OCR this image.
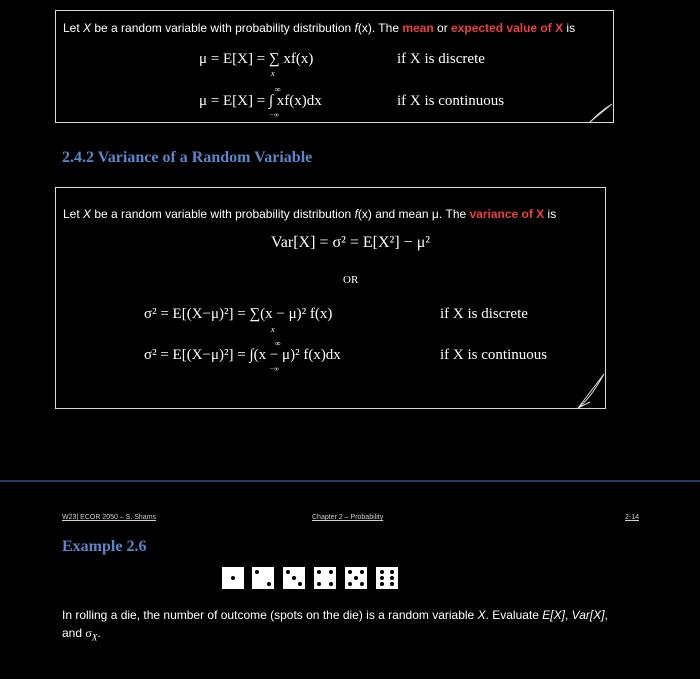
Let X be a random variable with probability distribution f(x). The mean or expected value of X is
μ = E[X] = ∑ xf(x)
x
if X is discrete
∞
μ = E[X] = ∫ xf(x)dx
−∞
if X is continuous
2.4.2 Variance of a Random Variable
Let X be a random variable with probability distribution f(x) and mean μ. The variance of X is
Var[X] = σ² = E[X²] − μ²
OR
σ² = E[(X−μ)²] = ∑(x − μ)² f(x)
x
if X is discrete
∞
σ² = E[(X−μ)²] = ∫(x − μ)² f(x)dx
−∞
if X is continuous
W23| ECOR 2050 – S. Shams	Chapter 2 – Probability	2-14
Example 2.6
In rolling a die, the number of outcome (spots on the die) is a random variable X. Evaluate E[X], Var[X],
and $\sigma_X$.
